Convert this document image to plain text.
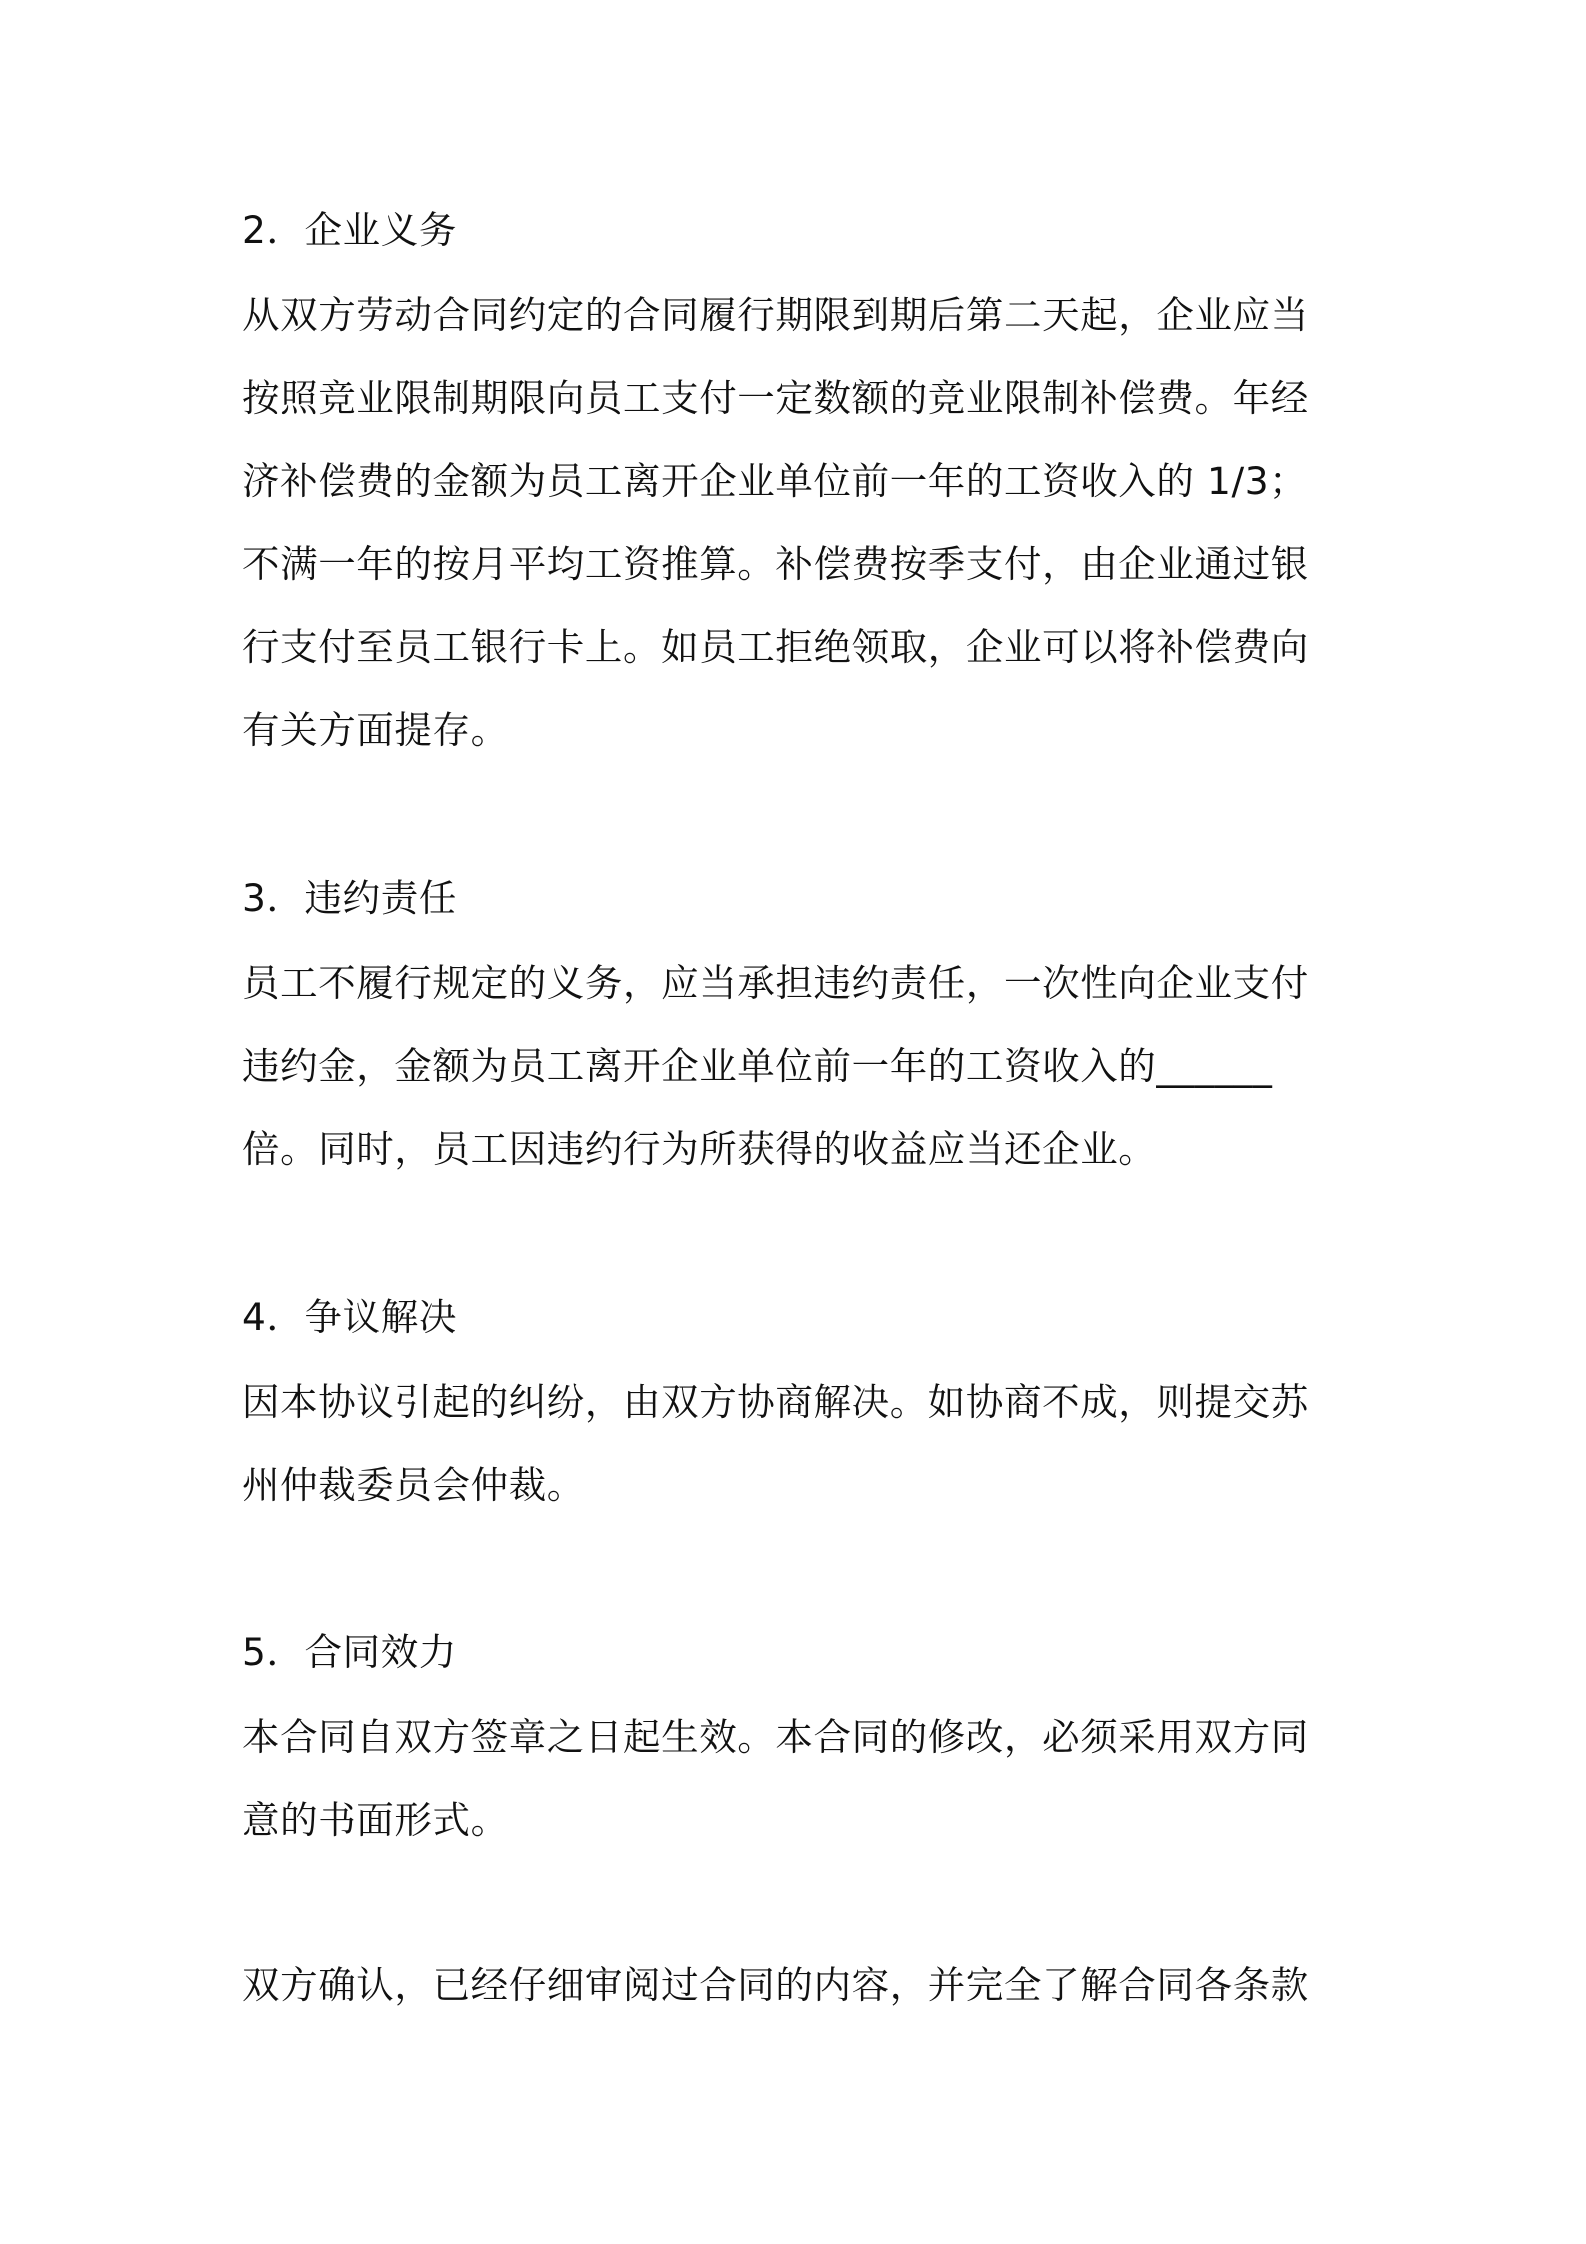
2．企业义务
从双方劳动合同约定的合同履行期限到期后第二天起，企业应当
按照竞业限制期限向员工支付一定数额的竞业限制补偿费。年经
济补偿费的金额为员工离开企业单位前一年的工资收入的 1/3；
不满一年的按月平均工资推算。补偿费按季支付，由企业通过银
行支付至员工银行卡上。如员工拒绝领取，企业可以将补偿费向
有关方面提存。
3．违约责任
员工不履行规定的义务，应当承担违约责任，一次性向企业支付
违约金，金额为员工离开企业单位前一年的工资收入的______
倍。同时，员工因违约行为所获得的收益应当还企业。
4．争议解决
因本协议引起的纠纷，由双方协商解决。如协商不成，则提交苏
州仲裁委员会仲裁。
5．合同效力
本合同自双方签章之日起生效。本合同的修改，必须采用双方同
意的书面形式。
双方确认，已经仔细审阅过合同的内容，并完全了解合同各条款
